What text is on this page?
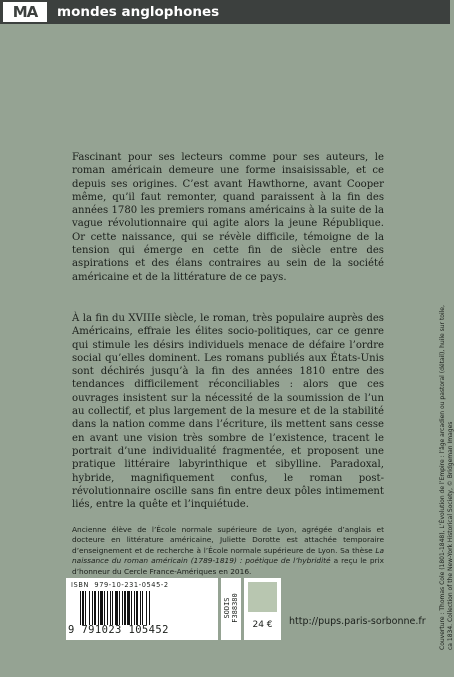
MA	mondes anglophones

Fascinant pour ses lecteurs comme pour ses auteurs, le roman américain demeure une forme insaisissable, et ce depuis ses origines. C’est avant Hawthorne, avant Cooper même, qu’il faut remonter, quand paraissent à la fin des années 1780 les premiers romans américains à la suite de la vague révolutionnaire qui agite alors la jeune République. Or cette naissance, qui se révèle difficile, témoigne de la tension qui émerge en cette fin de siècle entre des aspirations et des élans contraires au sein de la société américaine et de la littérature de ce pays.

À la fin du XVIIIe siècle, le roman, très populaire auprès des Américains, effraie les élites socio-politiques, car ce genre qui stimule les désirs individuels menace de défaire l’ordre social qu’elles dominent. Les romans publiés aux États-Unis sont déchirés jusqu’à la fin des années 1810 entre des tendances difficilement réconciliables : alors que ces ouvrages insistent sur la nécessité de la soumission de l’un au collectif, et plus largement de la mesure et de la stabilité dans la nation comme dans l’écriture, ils mettent sans cesse en avant une vision très sombre de l’existence, tracent le portrait d’une individualité fragmentée, et proposent une pratique littéraire labyrinthique et sibylline. Paradoxal, hybride, magnifiquement confus, le roman post-révolutionnaire oscille sans fin entre deux pôles intimement liés, entre la quête et l’inquiétude.

Ancienne élève de l’École normale supérieure de Lyon, agrégée d’anglais et docteure en littérature américaine, Juliette Dorotte est attachée temporaire d’enseignement et de recherche à l’École normale supérieure de Lyon. Sa thèse La naissance du roman américain (1789-1819) : poétique de l’hybridité a reçu le prix d’honneur du Cercle France-Amériques en 2016.

ISBN 979-10-231-0545-2
9 791023 105452
SODIS F388380
24 €	http://pups.paris-sorbonne.fr Couverture : Thomas Cole (1801-1848), L’Évolution de l’Empire : l’âge arcadien ou pastoral (détail), huile sur toile, ca 1834. Collection of the New-York Historical Society, © Bridgeman Images
